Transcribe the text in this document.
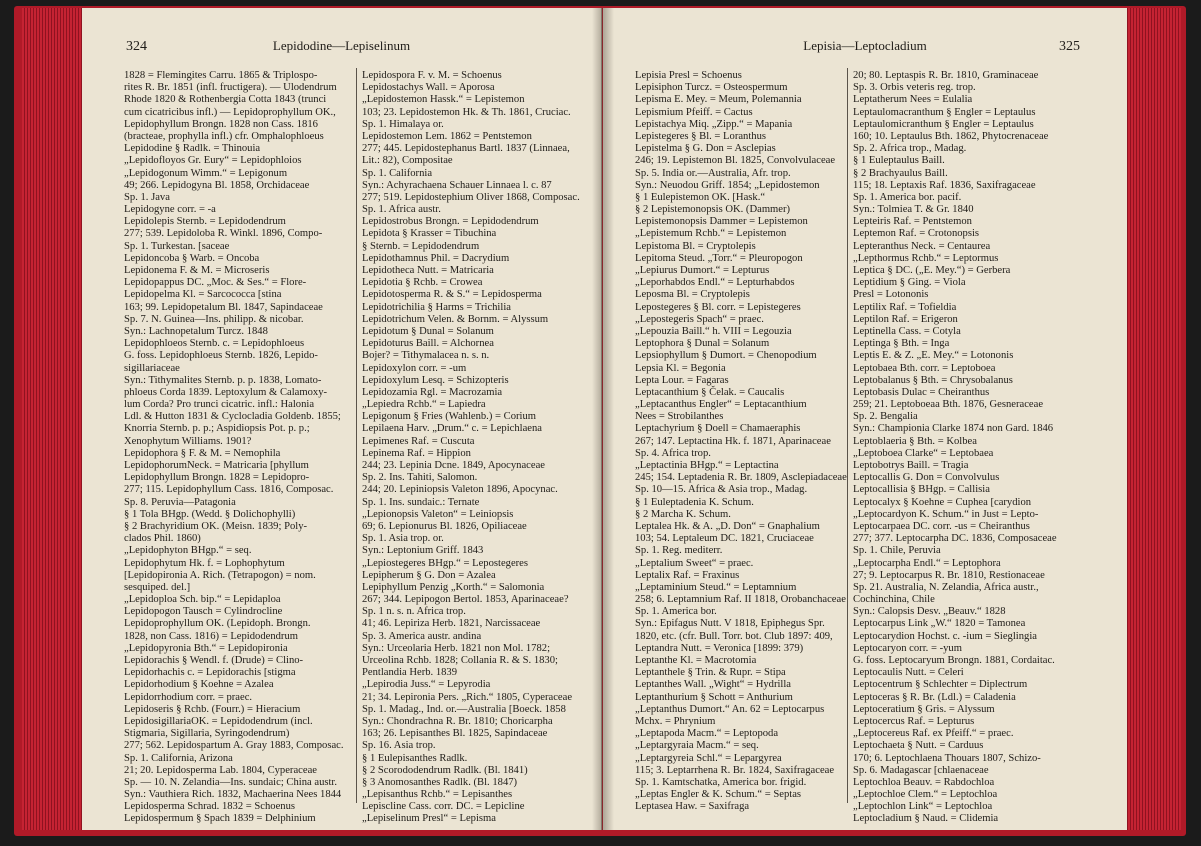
324	Lepidodine—Lepiselinum
1828 = Flemingites Carru. 1865 & Triplospo-
rites R. Br. 1851 (infl. fructigera). — Ulodendrum
Rhode 1820 & Rothenbergia Cotta 1843 (trunci
cum cicatricibus infl.) — Lepidoprophyllum OK.,
Lepidophyllum Brongn. 1828 non Cass. 1816
(bracteae, prophylla infl.) cfr. Omphalophloeus
Lepidodine § Radlk. = Thinouia
„Lepidofloyos Gr. Eury“ = Lepidophloios
„Lepidogonum Wimm.“ = Lepigonum
49; 266. Lepidogyna Bl. 1858, Orchidaceae
Sp. 1. Java
Lepidogyne corr. = -a
Lepidolepis Sternb. = Lepidodendrum
277; 539. Lepidoloba R. Winkl. 1896, Compo-
Sp. 1. Turkestan. [saceae
Lepidoncoba § Warb. = Oncoba
Lepidonema F. & M. = Microseris
Lepidopappus DC. „Moc. & Ses.“ = Flore-
Lepidopelma Kl. = Sarcococca [stina
163; 99. Lepidopetalum Bl. 1847, Sapindaceae
Sp. 7. N. Guinea—Ins. philipp. & nicobar.
Syn.: Lachnopetalum Turcz. 1848
Lepidophloeos Sternb. c. = Lepidophloeus
G. foss. Lepidophloeus Sternb. 1826, Lepido-
sigillariaceae
Syn.: Tithymalites Sternb. p. p. 1838, Lomato-
phloeus Corda 1839. Leptoxylum & Calamoxy-
lum Corda? Pro trunci cicatric. infl.: Halonia
Ldl. & Hutton 1831 & Cyclocladia Goldenb. 1855;
Knorria Sternb. p. p.; Aspidiopsis Pot. p. p.;
Xenophytum Williams. 1901?
Lepidophora § F. & M. = Nemophila
LepidophorumNeck. = Matricaria [phyllum
Lepidophyllum Brongn. 1828 = Lepidopro-
277; 115. Lepidophyllum Cass. 1816, Composac.
Sp. 8. Peruvia—Patagonia
§ 1 Tola BHgp. (Wedd. § Dolichophylli)
§ 2 Brachyridium OK. (Meisn. 1839; Poly-
clados Phil. 1860)
„Lepidophyton BHgp.“ = seq.
Lepidophytum Hk. f. = Lophophytum
[Lepidopironia A. Rich. (Tetrapogon) = nom.
sesquiped. del.]
„Lepidoploa Sch. bip.“ = Lepidaploa
Lepidopogon Tausch = Cylindrocline
Lepidoprophyllum OK. (Lepidoph. Brongn.
1828, non Cass. 1816) = Lepidodendrum
„Lepidopyronia Bth.“ = Lepidopironia
Lepidorachis § Wendl. f. (Drude) = Clino-
Lepidorhachis c. = Lepidorachis [stigma
Lepidorhodium § Koehne = Azalea
Lepidorrhodium corr. = praec.
Lepidoseris § Rchb. (Fourr.) = Hieracium
LepidosigillariaOK. = Lepidodendrum (incl.
Stigmaria, Sigillaria, Syringodendrum)
277; 562. Lepidospartum A. Gray 1883, Composac.
Sp. 1. California, Arizona
21; 20. Lepidosperma Lab. 1804, Cyperaceae
Sp. — 10. N. Zelandia—Ins. sundaic; China austr.
Syn.: Vauthiera Rich. 1832, Machaerina Nees 1844
Lepidosperma Schrad. 1832 = Schoenus
Lepidospermum § Spach 1839 = Delphinium
Lepidospora F. v. M. = Schoenus
Lepidostachys Wall. = Aporosa
„Lepidostemon Hassk.“ = Lepistemon
103; 23. Lepidostemon Hk. & Th. 1861, Cruciac.
Sp. 1. Himalaya or.
Lepidostemon Lem. 1862 = Pentstemon
277; 445. Lepidostephanus Bartl. 1837 (Linnaea,
Lit.: 82), Compositae
Sp. 1. California
Syn.: Achyrachaena Schauer Linnaea l. c. 87
277; 519. Lepidostephium Oliver 1868, Composac.
Sp. 1. Africa austr.
Lepidostrobus Brongn. = Lepidodendrum
Lepidota § Krasser = Tibuchina
§ Sternb. = Lepidodendrum
Lepidothamnus Phil. = Dacrydium
Lepidotheca Nutt. = Matricaria
Lepidotia § Rchb. = Crowea
Lepidotosperma R. & S.“ = Lepidosperma
Lepidotrichilia § Harms = Trichilia
Lepidotrichum Velen. & Bornm. = Alyssum
Lepidotum § Dunal = Solanum
Lepidoturus Baill. = Alchornea
Bojer? = Tithymalacea n. s. n.
Lepidoxylon corr. = -um
Lepidoxylum Lesq. = Schizopteris
Lepidozamia Rgl. = Macrozamia
„Lepiedra Rchb.“ = Lapiedra
Lepigonum § Fries (Wahlenb.) = Corium
Lepilaena Harv. „Drum.“ c. = Lepichlaena
Lepimenes Raf. = Cuscuta
Lepinema Raf. = Hippion
244; 23. Lepinia Dcne. 1849, Apocynaceae
Sp. 2. Ins. Tahiti, Salomon.
244; 20. Lepiniopsis Valeton 1896, Apocynac.
Sp. 1. Ins. sundaic.: Ternate
„Lepionopsis Valeton“ = Leiniopsis
69; 6. Lepionurus Bl. 1826, Opiliaceae
Sp. 1. Asia trop. or.
Syn.: Leptonium Griff. 1843
„Lepiostegeres BHgp.“ = Lepostegeres
Lepipherum § G. Don = Azalea
Lepiphyllum Penzig „Korth.“ = Salomonia
267; 344. Lepipogon Bertol. 1853, Aparinaceae?
Sp. 1 n. s. n. Africa trop.
41; 46. Lepiriza Herb. 1821, Narcissaceae
Sp. 3. America austr. andina
Syn.: Urceolaria Herb. 1821 non Mol. 1782;
Urceolina Rchb. 1828; Collania R. & S. 1830;
Pentlandia Herb. 1839
„Lepirodia Juss.“ = Lepyrodia
21; 34. Lepironia Pers. „Rich.“ 1805, Cyperaceae
Sp. 1. Madag., Ind. or.—Australia [Boeck. 1858
Syn.: Chondrachna R. Br. 1810; Choricarpha
163; 26. Lepisanthes Bl. 1825, Sapindaceae
Sp. 16. Asia trop.
§ 1 Eulepisanthes Radlk.
§ 2 Scorododendrum Radlk. (Bl. 1841)
§ 3 Anomosanthes Radlk. (Bl. 1847)
„Lepisanthus Rchb.“ = Lepisanthes
Lepiscline Cass. corr. DC. = Lepicline
„Lepiselinum Presl“ = Lepisma
Lepisia—Leptocladium	325
Lepisia Presl = Schoenus
Lepisiphon Turcz. = Osteospermum
Lepisma E. Mey. = Meum, Polemannia
Lepismium Pfeiff. = Cactus
Lepistachya Miq. „Zipp.“ = Mapania
Lepistegeres § Bl. = Loranthus
Lepistelma § G. Don = Asclepias
246; 19. Lepistemon Bl. 1825, Convolvulaceae
Sp. 5. India or.—Australia, Afr. trop.
Syn.: Neuodou Griff. 1854; „Lepidostemon
§ 1 Eulepistemon OK. [Hask.“
§ 2 Lepistemonopsis OK. (Dammer)
Lepistemonopsis Dammer = Lepistemon
„Lepistemum Rchb.“ = Lepistemon
Lepistoma Bl. = Cryptolepis
Lepitoma Steud. „Torr.“ = Pleuropogon
„Lepiurus Dumort.“ = Lepturus
„Leporhabdos Endl.“ = Lepturhabdos
Leposma Bl. = Cryptolepis
Lepostegeres § Bl. corr. = Lepistegeres
„Lepostegeris Spach“ = praec.
„Lepouzia Baill.“ h. VIII = Legouzia
Leptophora § Dunal = Solanum
Lepsiophyllum § Dumort. = Chenopodium
Lepsia Kl. = Begonia
Lepta Lour. = Fagaras
Leptacanthium § Čelak. = Caucalis
„Leptacanthus Engler“ = Leptacanthium
Nees = Strobilanthes
Leptachyrium § Doell = Chamaeraphis
267; 147. Leptactina Hk. f. 1871, Aparinaceae
Sp. 4. Africa trop.
„Leptactinia BHgp.“ = Leptactina
245; 154. Leptadenia R. Br. 1809, Asclepiadaceae
Sp. 10—15. Africa & Asia trop., Madag.
§ 1 Euleptadenia K. Schum.
§ 2 Marcha K. Schum.
Leptalea Hk. & A. „D. Don“ = Gnaphalium
103; 54. Leptaleum DC. 1821, Cruciaceae
Sp. 1. Reg. mediterr.
„Leptalium Sweet“ = praec.
Leptalix Raf. = Fraxinus
„Leptaminium Steud.“ = Leptamnium
258; 6. Leptamnium Raf. II 1818, Orobanchaceae
Sp. 1. America bor.
Syn.: Epifagus Nutt. V 1818, Epiphegus Spr.
1820, etc. (cfr. Bull. Torr. bot. Club 1897: 409,
Leptandra Nutt. = Veronica [1899: 379)
Leptanthe Kl. = Macrotomia
Leptanthele § Trin. & Rupr. = Stipa
Leptanthes Wall. „Wight“ = Hydrilla
Leptanthurium § Schott = Anthurium
„Leptanthus Dumort.“ An. 62 = Leptocarpus
Mchx. = Phrynium
„Leptapoda Macm.“ = Leptopoda
„Leptargyraia Macm.“ = seq.
„Leptargyreia Schl.“ = Lepargyrea
115; 3. Leptarrhena R. Br. 1824, Saxifragaceae
Sp. 1. Kamtschatka, America bor. frigid.
„Leptas Engler & K. Schum.“ = Septas
Leptasea Haw. = Saxifraga
20; 80. Leptaspis R. Br. 1810, Graminaceae
Sp. 3. Orbis veteris reg. trop.
Leptatherum Nees = Eulalia
Leptaulomacranthum § Engler = Leptaulus
Leptaulomicranthum § Engler = Leptaulus
160; 10. Leptaulus Bth. 1862, Phytocrenaceae
Sp. 2. Africa trop., Madag.
§ 1 Euleptaulus Baill.
§ 2 Brachyaulus Baill.
115; 18. Leptaxis Raf. 1836, Saxifragaceae
Sp. 1. America bor. pacif.
Syn.: Tolmiea T. & Gr. 1840
Lepteiris Raf. = Pentstemon
Leptemon Raf. = Crotonopsis
Lepteranthus Neck. = Centaurea
„Lepthormus Rchb.“ = Leptormus
Leptica § DC. („E. Mey.“) = Gerbera
Leptidium § Ging. = Viola
Presl = Lotononis
Leptilix Raf. = Tofieldia
Leptilon Raf. = Erigeron
Leptinella Cass. = Cotyla
Leptinga § Bth. = Inga
Leptis E. & Z. „E. Mey.“ = Lotononis
Leptobaea Bth. corr. = Leptoboea
Leptobalanus § Bth. = Chrysobalanus
Leptobasis Dulac = Cheiranthus
259; 21. Leptoboeaa Bth. 1876, Gesneraceae
Sp. 2. Bengalia
Syn.: Championia Clarke 1874 non Gard. 1846
Leptoblaeria § Bth. = Kolbea
„Leptoboea Clarke“ = Leptobaea
Leptobotrys Baill. = Tragia
Leptocallis G. Don = Convolvulus
Leptocallisia § BHgp. = Callisia
Leptocalyx § Koehne = Cuphea [carydion
„Leptocardyon K. Schum.“ in Just = Lepto-
Leptocarpaea DC. corr. -us = Cheiranthus
277; 377. Leptocarpha DC. 1836, Composaceae
Sp. 1. Chile, Peruvia
„Leptocarpha Endl.“ = Leptophora
27; 9. Leptocarpus R. Br. 1810, Restionaceae
Sp. 21. Australia, N. Zelandia, Africa austr.,
Cochinchina, Chile
Syn.: Calopsis Desv. „Beauv.“ 1828
Leptocarpus Link „W.“ 1820 = Tamonea
Leptocarydion Hochst. c. -ium = Sieglingia
Leptocaryon corr. = -yum
G. foss. Leptocaryum Brongn. 1881, Cordaitac.
Leptocaulis Nutt. = Celeri
Leptocentrum § Schlechter = Diplectrum
Leptoceras § R. Br. (Ldl.) = Caladenia
Leptoceratium § Gris. = Alyssum
Leptocercus Raf. = Lepturus
„Leptocereus Raf. ex Pfeiff.“ = praec.
Leptochaeta § Nutt. = Carduus
170; 6. Leptochlaena Thouars 1807, Schizo-
Sp. 6. Madagascar [chlaenaceae
Leptochloa Beauv. = Rabdochloa
„Leptochloe Clem.“ = Leptochloa
„Leptochlon Link“ = Leptochloa
Leptocladium § Naud. = Clidemia
